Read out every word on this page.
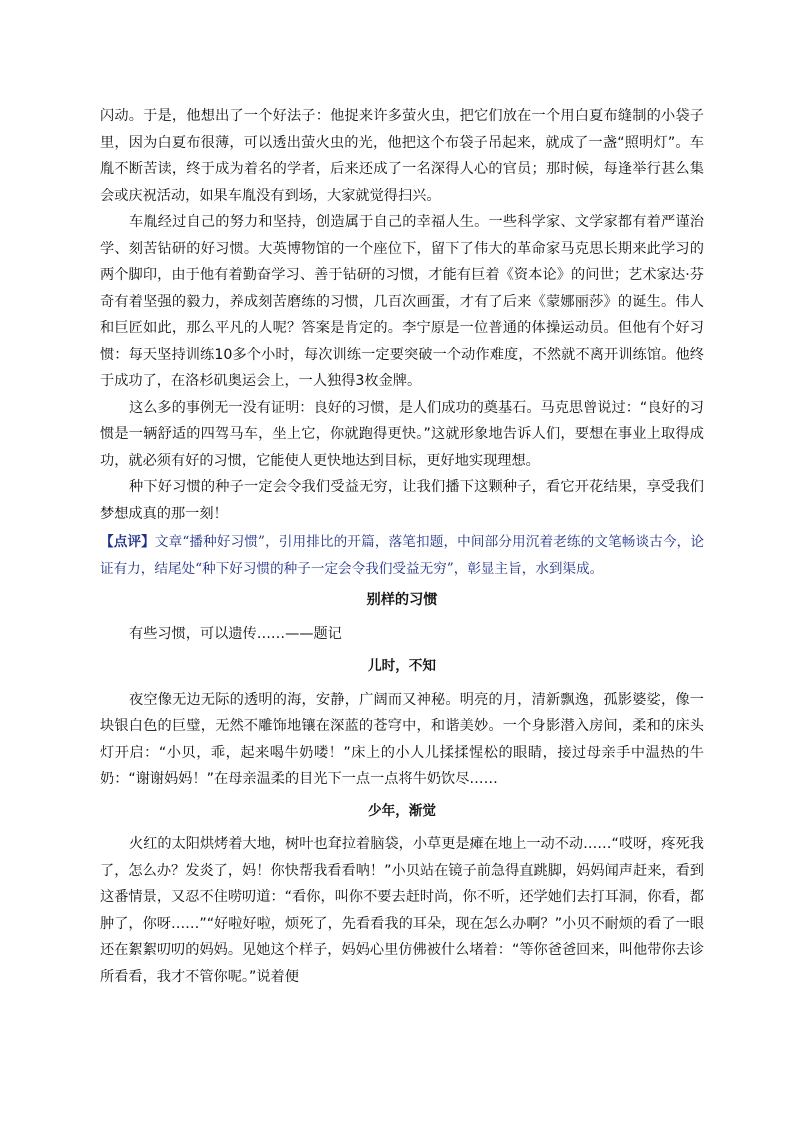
闪动。于是，他想出了一个好法子：他捉来许多萤火虫，把它们放在一个用白夏布缝制的小袋子里，因为白夏布很薄，可以透出萤火虫的光，他把这个布袋子吊起来，就成了一盏“照明灯”。车胤不断苦读，终于成为着名的学者，后来还成了一名深得人心的官员；那时候，每逢举行甚么集会或庆祝活动，如果车胤没有到场，大家就觉得扫兴。

车胤经过自己的努力和坚持，创造属于自己的幸福人生。一些科学家、文学家都有着严谨治学、刻苦钻研的好习惯。大英博物馆的一个座位下，留下了伟大的革命家马克思长期来此学习的两个脚印，由于他有着勤奋学习、善于钻研的习惯，才能有巨着《资本论》的问世；艺术家达·芬奇有着坚强的毅力，养成刻苦磨练的习惯，几百次画蛋，才有了后来《蒙娜丽莎》的诞生。伟人和巨匠如此，那么平凡的人呢？答案是肯定的。李宁原是一位普通的体操运动员。但他有个好习惯：每天坚持训练10多个小时，每次训练一定要突破一个动作难度，不然就不离开训练馆。他终于成功了，在洛杉矶奥运会上，一人独得3枚金牌。

这么多的事例无一没有证明：良好的习惯，是人们成功的奠基石。马克思曾说过：“良好的习惯是一辆舒适的四驾马车，坐上它，你就跑得更快。”这就形象地告诉人们，要想在事业上取得成功，就必须有好的习惯，它能使人更快地达到目标，更好地实现理想。

种下好习惯的种子一定会令我们受益无穷，让我们播下这颗种子，看它开花结果，享受我们梦想成真的那一刻！

【点评】文章“播种好习惯”，引用排比的开篇，落笔扣题，中间部分用沉着老练的文笔畅谈古今，论证有力，结尾处“种下好习惯的种子一定会令我们受益无穷”，彰显主旨，水到渠成。

别样的习惯

有些习惯，可以遗传……——题记

儿时，不知

夜空像无边无际的透明的海，安静，广阔而又神秘。明亮的月，清新飘逸，孤影婆娑，像一块银白色的巨璧，无然不雕饰地镶在深蓝的苍穹中，和谐美妙。一个身影潜入房间，柔和的床头灯开启：“小贝，乖，起来喝牛奶喽！”床上的小人儿揉揉惺松的眼睛，接过母亲手中温热的牛奶：“谢谢妈妈！”在母亲温柔的目光下一点一点将牛奶饮尽……

少年，渐觉

火红的太阳烘烤着大地，树叶也耷拉着脑袋，小草更是瘫在地上一动不动……“哎呀，疼死我了，怎么办？发炎了，妈！你快帮我看看呐！”小贝站在镜子前急得直跳脚，妈妈闻声赶来，看到这番情景，又忍不住唠叨道：“看你，叫你不要去赶时尚，你不听，还学她们去打耳洞，你看，都肿了，你呀……”“好啦好啦，烦死了，先看看我的耳朵，现在怎么办啊？”小贝不耐烦的看了一眼还在絮絮叨叨的妈妈。见她这个样子，妈妈心里仿佛被什么堵着：“等你爸爸回来，叫他带你去诊所看看，我才不管你呢。”说着便
